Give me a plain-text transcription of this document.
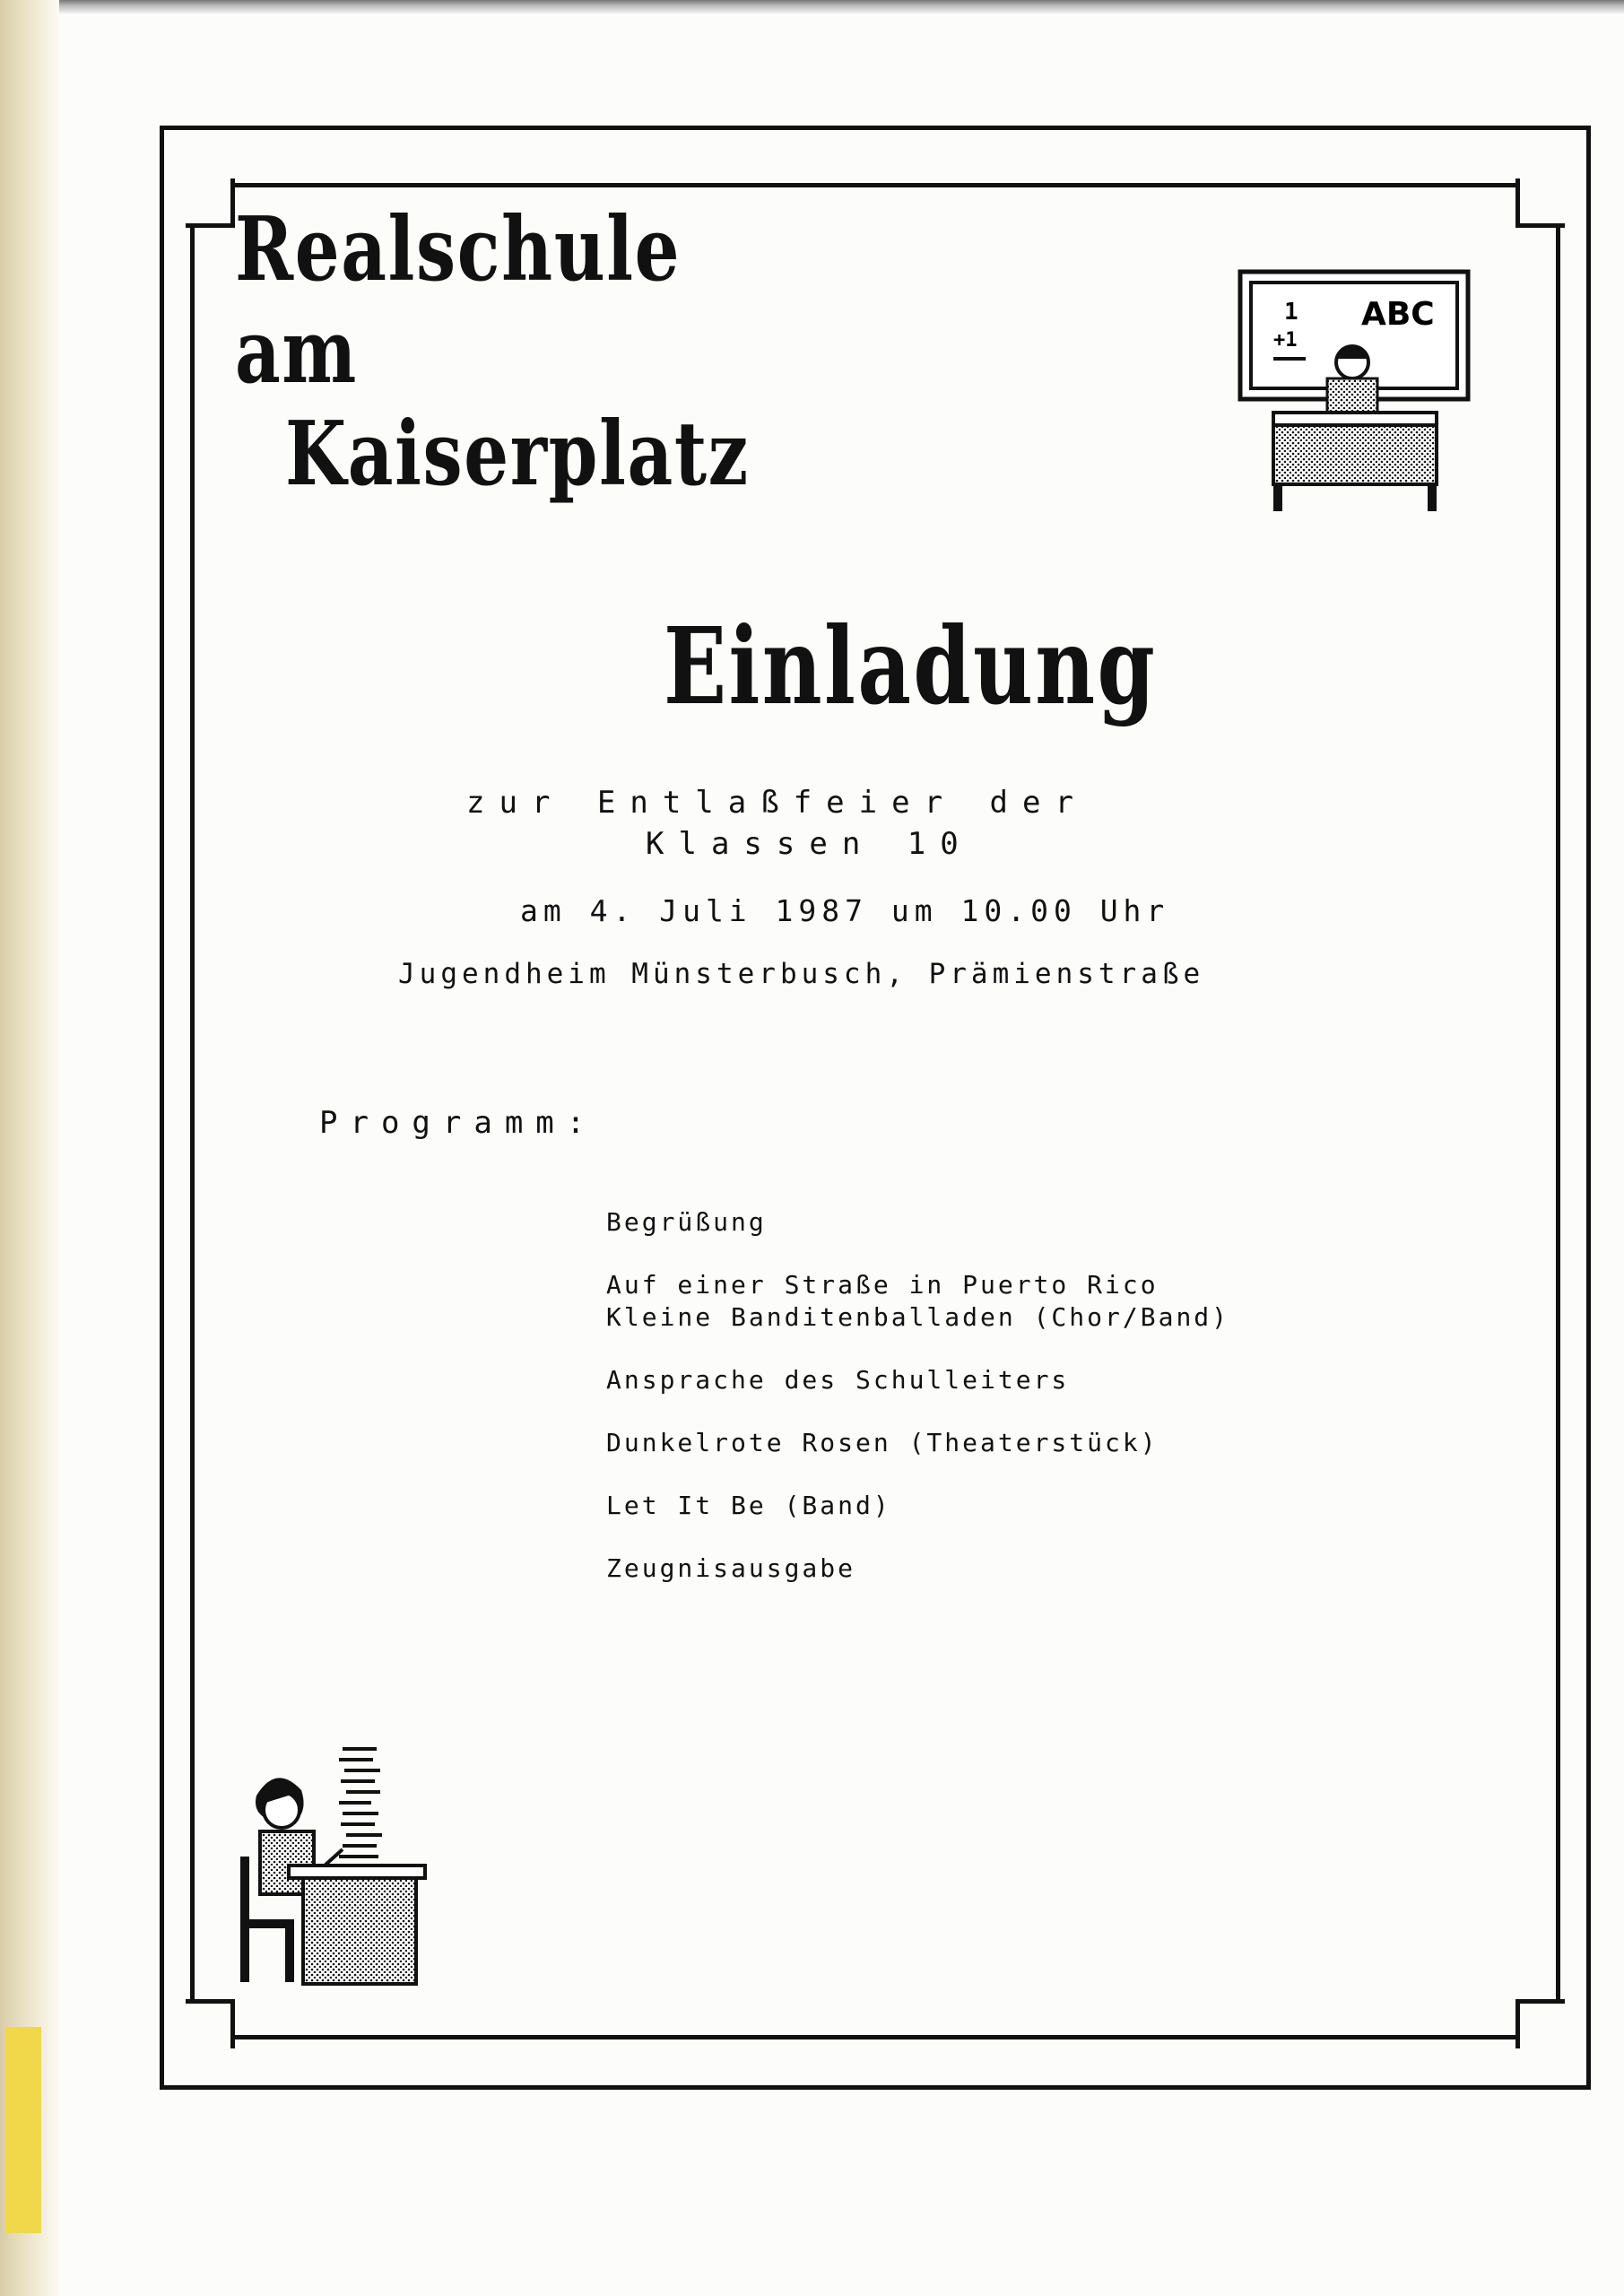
Realschule am
Kaiserplatz
1
+1
ABC
Einladung
zur Entlaßfeier der
Klassen 10
am 4. Juli 1987 um 10.00 Uhr
Jugendheim Münsterbusch, Prämienstraße
Programm:
Begrüßung
Auf einer Straße in Puerto Rico
Kleine Banditenballaden (Chor/Band)
Ansprache des Schulleiters
Dunkelrote Rosen (Theaterstück)
Let It Be (Band)
Zeugnisausgabe
